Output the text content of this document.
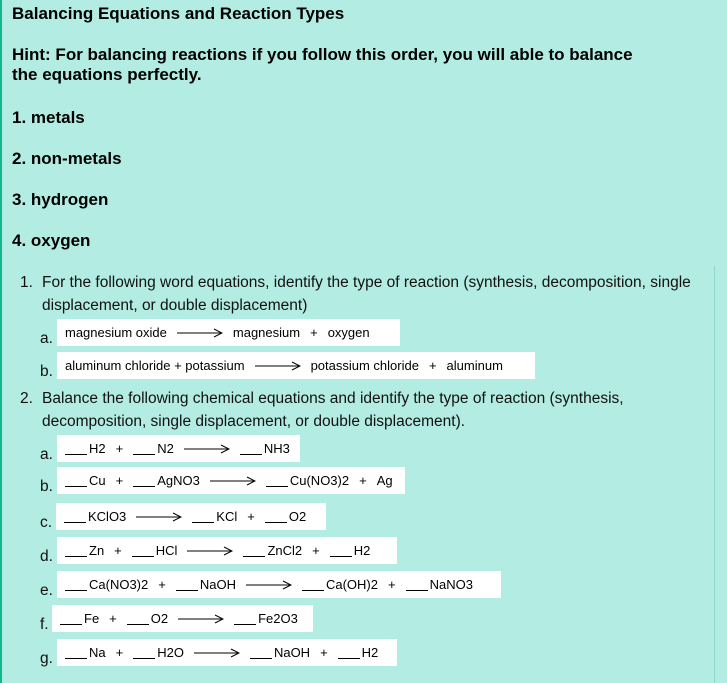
Balancing Equations and Reaction Types
Hint: For balancing reactions if you follow this order, you will able to balance
the equations perfectly.
1. metals
2. non-metals
3. hydrogen
4. oxygen
1. For the following word equations, identify the type of reaction (synthesis, decomposition, single
displacement, or double displacement)
2. Balance the following chemical equations and identify the type of reaction (synthesis,
decomposition, single displacement, or double displacement).
a. magnesium oxide	magnesium + oxygen
b. aluminum chloride + potassium	potassium chloride + aluminum
a.	H2 +	N2	NH3
b.	Cu +	AgNO3	Cu(NO3)2 + Ag
c.	KClO3	KCl +	O2
d.	Zn +	HCl	ZnCl2 +	H2
e.	Ca(NO3)2 +	NaOH	Ca(OH)2 +	NaNO3
f.	Fe +	O2	Fe2O3
g.	Na +	H2O	NaOH +	H2
